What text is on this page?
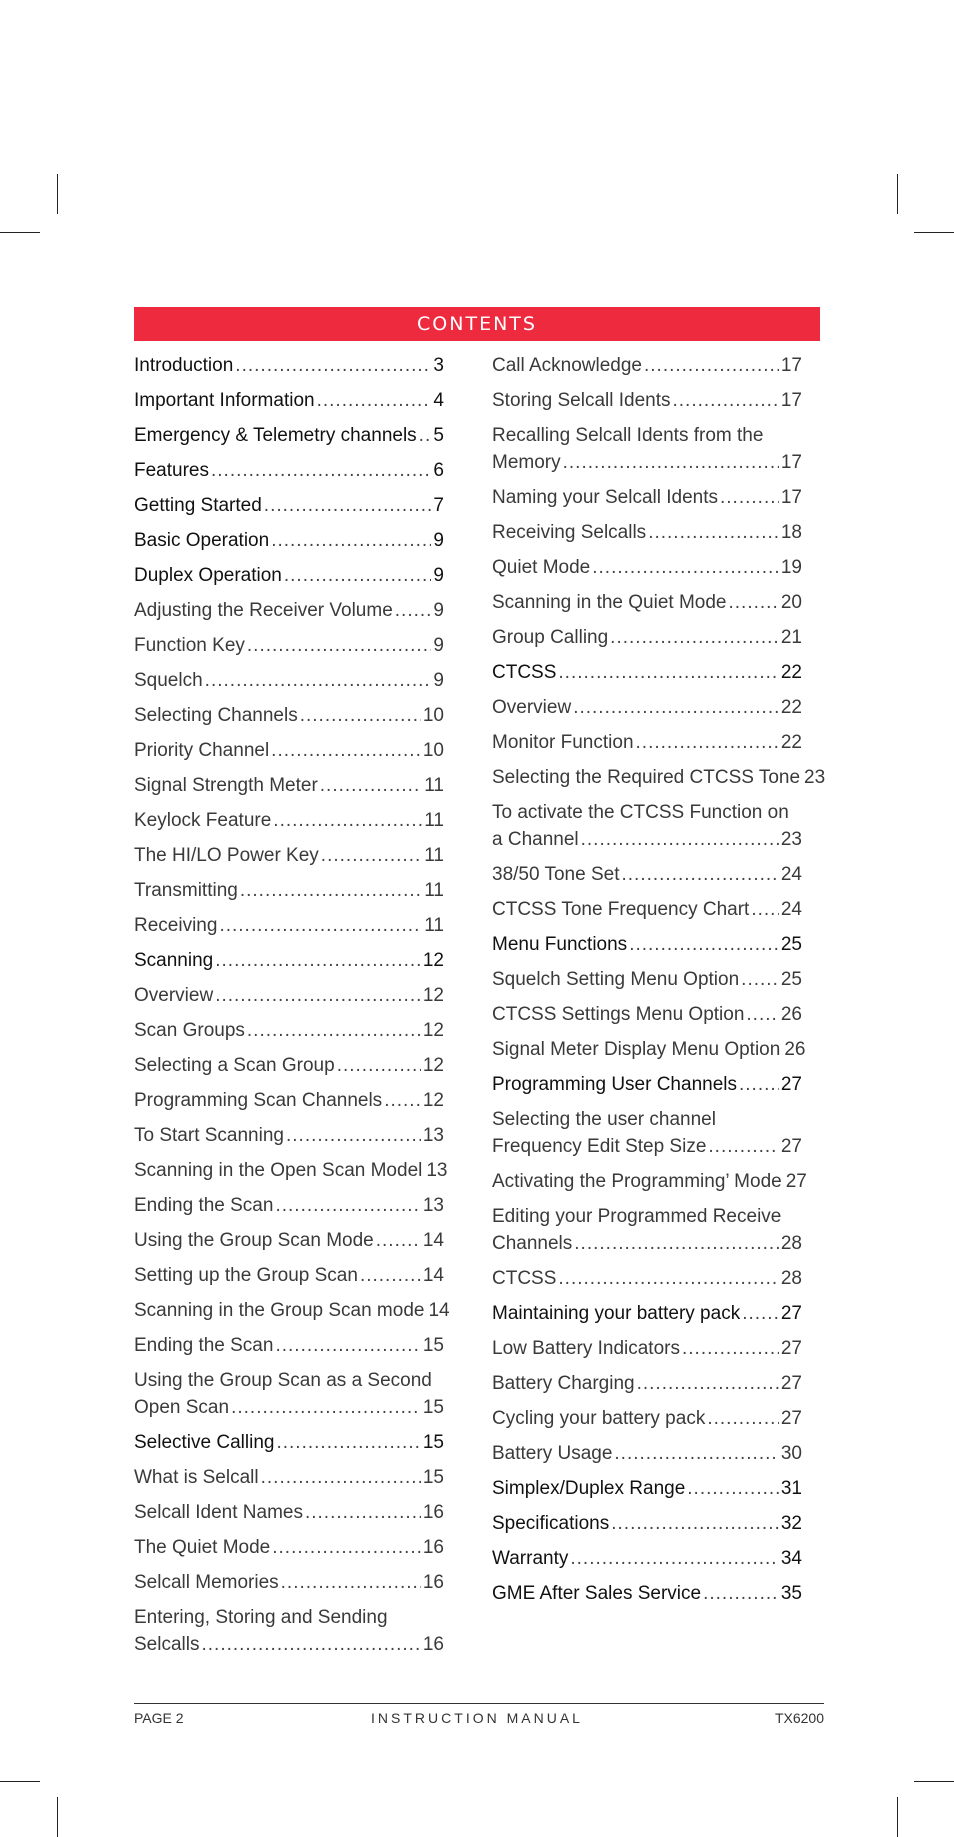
CONTENTS
Introduction .....	3
Important Information .....	4
Emergency & Telemetry channels ..... 5
Features .....	6
Getting Started .....	7
Basic Operation .....	9
Duplex Operation .....	9
Adjusting the Receiver Volume ..... 9
Function Key .....	9
Squelch .....	9
Selecting Channels .....	10
Priority Channel .....	10
Signal Strength Meter .....	11
Keylock Feature .....	11
The HI/LO Power Key .....	11
Transmitting .....	11
Receiving .....	11
Scanning .....	12
Overview .....	12
Scan Groups .....	12
Selecting a Scan Group .....	12
Programming Scan Channels ..... 12
To Start Scanning .....	13
Scanning in the Open Scan Model 13
Ending the Scan .....	13
Using the Group Scan Mode .....	14
Setting up the Group Scan .....	14
Scanning in the Group Scan mode 14
Ending the Scan .....	15
Using the Group Scan as a Second
Open Scan .....	15
Selective Calling .....	15
What is Selcall .....	15
Selcall Ident Names .....	16
The Quiet Mode .....	16
Selcall Memories .....	16
Entering, Storing and Sending
Selcalls .....	16
Call Acknowledge .....	17
Storing Selcall Idents .....	17
Recalling Selcall Idents from the
Memory .....	17
Naming your Selcall Idents .....	17
Receiving Selcalls .....	18
Quiet Mode .....	19
Scanning in the Quiet Mode .....	20
Group Calling .....	21
CTCSS .....	22
Overview .....	22
Monitor Function .....	22
Selecting the Required CTCSS Tone 23
To activate the CTCSS Function on
a Channel .....	23
38/50 Tone Set .....	24
CTCSS Tone Frequency Chart ..... 24
Menu Functions .....	25
Squelch Setting Menu Option ..... 25
CTCSS Settings Menu Option ..... 26
Signal Meter Display Menu Option 26
Programming User Channels ..... 27
Selecting the user channel
Frequency Edit Step Size .....	27
Activating the Programming’ Mode 27
Editing your Programmed Receive
Channels .....	28
CTCSS .....	28
Maintaining your battery pack ..... 27
Low Battery Indicators .....	27
Battery Charging .....	27
Cycling your battery pack .....	27
Battery Usage .....	30
Simplex/Duplex Range .....	31
Specifications .....	32
Warranty .....	34
GME After Sales Service .....	35
PAGE 2	INSTRUCTION MANUAL	TX6200
